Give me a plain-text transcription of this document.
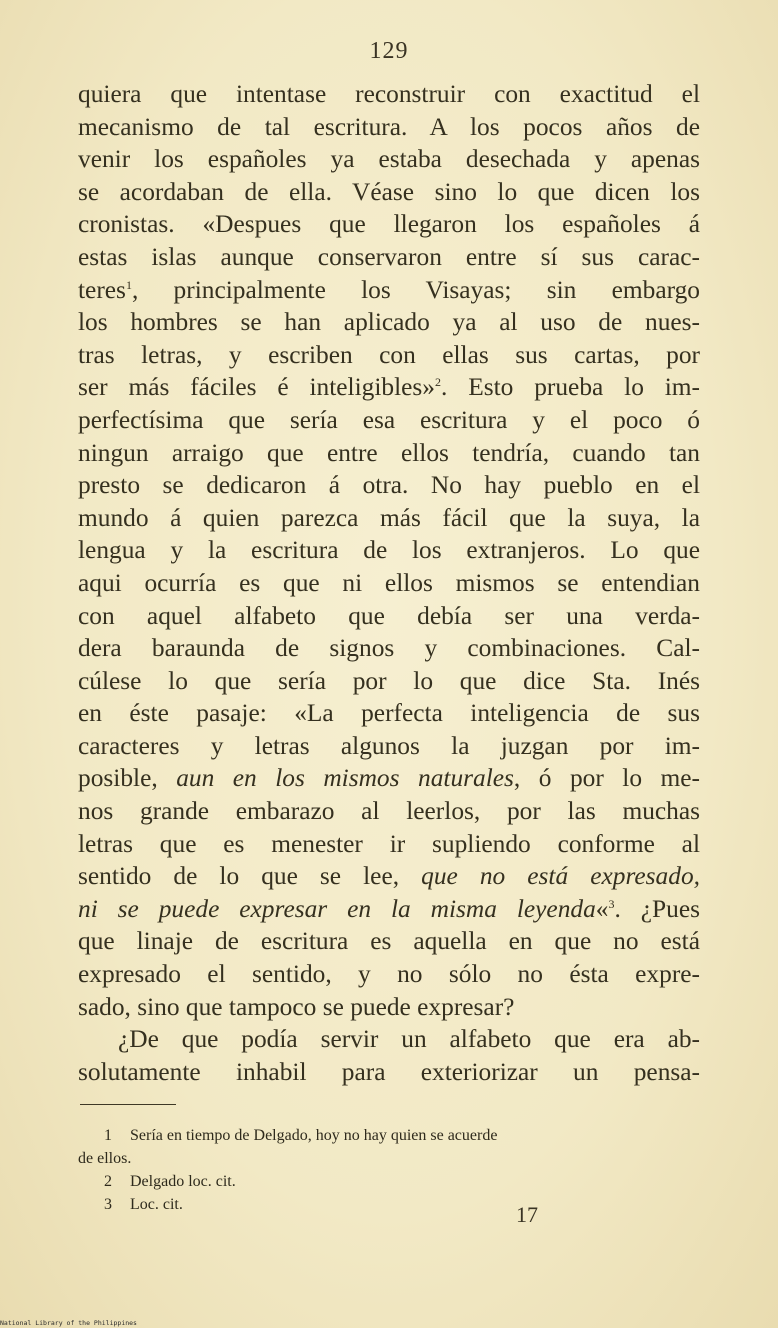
129
quiera que intentase reconstruir con exactitud el
mecanismo de tal escritura. A los pocos años de
venir los españoles ya estaba desechada y apenas
se acordaban de ella. Véase sino lo que dicen los
cronistas. «Despues que llegaron los españoles á
estas islas aunque conservaron entre sí sus carac-
teres$^1$, principalmente los Visayas; sin embargo
los hombres se han aplicado ya al uso de nues-
tras letras, y escriben con ellas sus cartas, por
ser más fáciles é inteligibles»$^2$. Esto prueba lo im-
perfectísima que sería esa escritura y el poco ó
ningun arraigo que entre ellos tendría, cuando tan
presto se dedicaron á otra. No hay pueblo en el
mundo á quien parezca más fácil que la suya, la
lengua y la escritura de los extranjeros. Lo que
aqui ocurría es que ni ellos mismos se entendian
con aquel alfabeto que debía ser una verda-
dera baraunda de signos y combinaciones. Cal-
cúlese lo que sería por lo que dice Sta. Inés
en éste pasaje: «La perfecta inteligencia de sus
caracteres y letras algunos la juzgan por im-
posible, aun en los mismos naturales, ó por lo me-
nos grande embarazo al leerlos, por las muchas
letras que es menester ir supliendo conforme al
sentido de lo que se lee, que no está expresado,
ni se puede expresar en la misma leyenda«$^3$. ¿Pues
que linaje de escritura es aquella en que no está
expresado el sentido, y no sólo no ésta expre-
sado, sino que tampoco se puede expresar?
¿De que podía servir un alfabeto que era ab-
solutamente inhabil para exteriorizar un pensa-
1 Sería en tiempo de Delgado, hoy no hay quien se acuerde
de ellos.
2 Delgado loc. cit.
3 Loc. cit.	17
National Library of the Philippines
